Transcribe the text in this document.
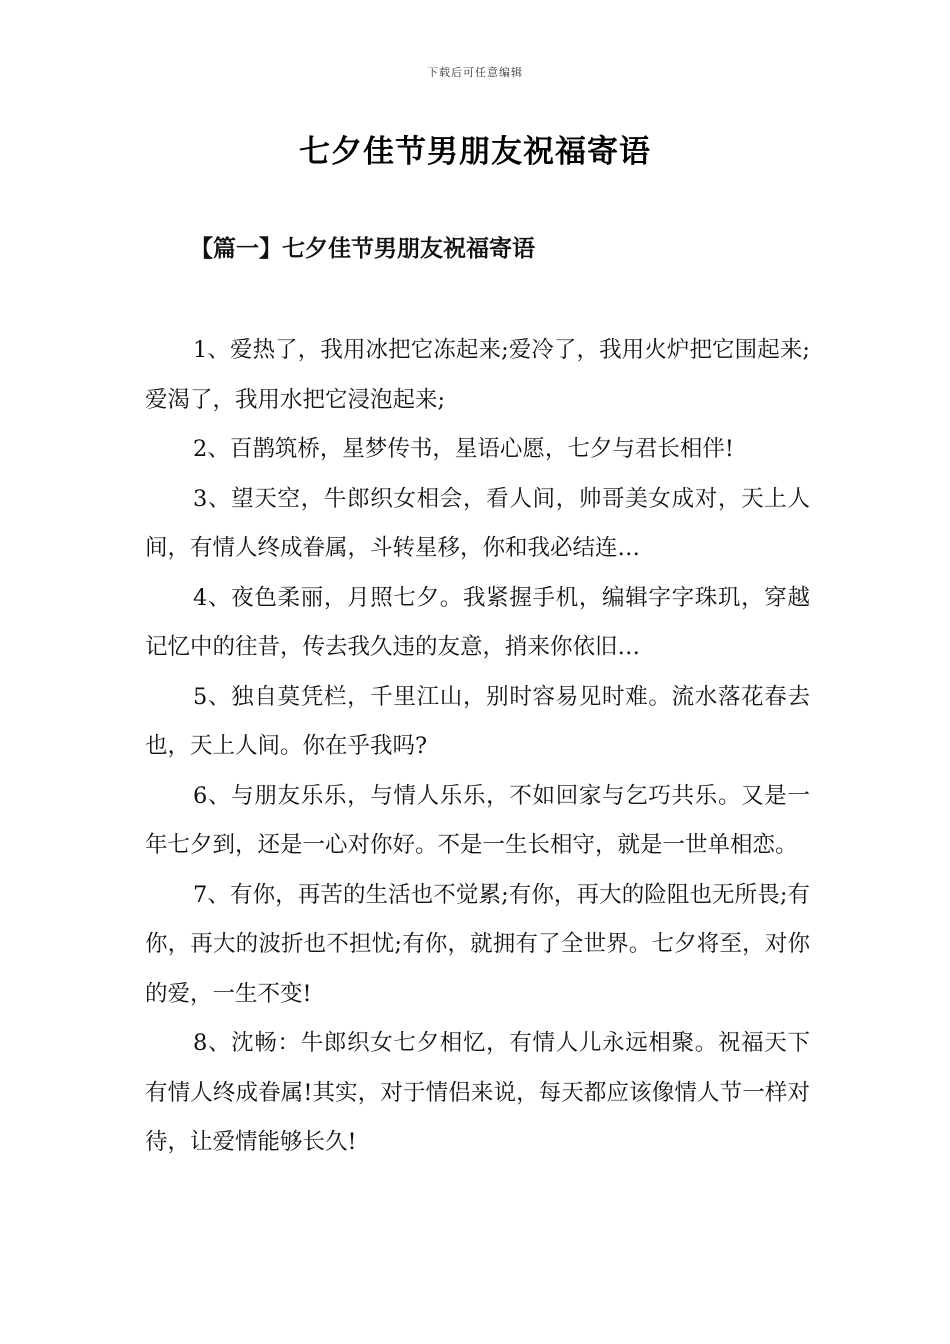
下载后可任意编辑
七夕佳节男朋友祝福寄语
【篇一】七夕佳节男朋友祝福寄语

1、爱热了，我用冰把它冻起来;爱冷了，我用火炉把它围起来;爱渴了，我用水把它浸泡起来;

2、百鹊筑桥，星梦传书，星语心愿，七夕与君长相伴!

3、望天空，牛郎织女相会，看人间，帅哥美女成对，天上人间，有情人终成眷属，斗转星移，你和我必结连…

4、夜色柔丽，月照七夕。我紧握手机，编辑字字珠玑，穿越记忆中的往昔，传去我久违的友意，捎来你依旧…

5、独自莫凭栏，千里江山，别时容易见时难。流水落花春去也，天上人间。你在乎我吗?

6、与朋友乐乐，与情人乐乐，不如回家与乞巧共乐。又是一年七夕到，还是一心对你好。不是一生长相守，就是一世单相恋。

7、有你，再苦的生活也不觉累;有你，再大的险阻也无所畏;有你，再大的波折也不担忧;有你，就拥有了全世界。七夕将至，对你的爱，一生不变!

8、沈畅：牛郎织女七夕相忆，有情人儿永远相聚。祝福天下有情人终成眷属!其实，对于情侣来说，每天都应该像情人节一样对待，让爱情能够长久!
